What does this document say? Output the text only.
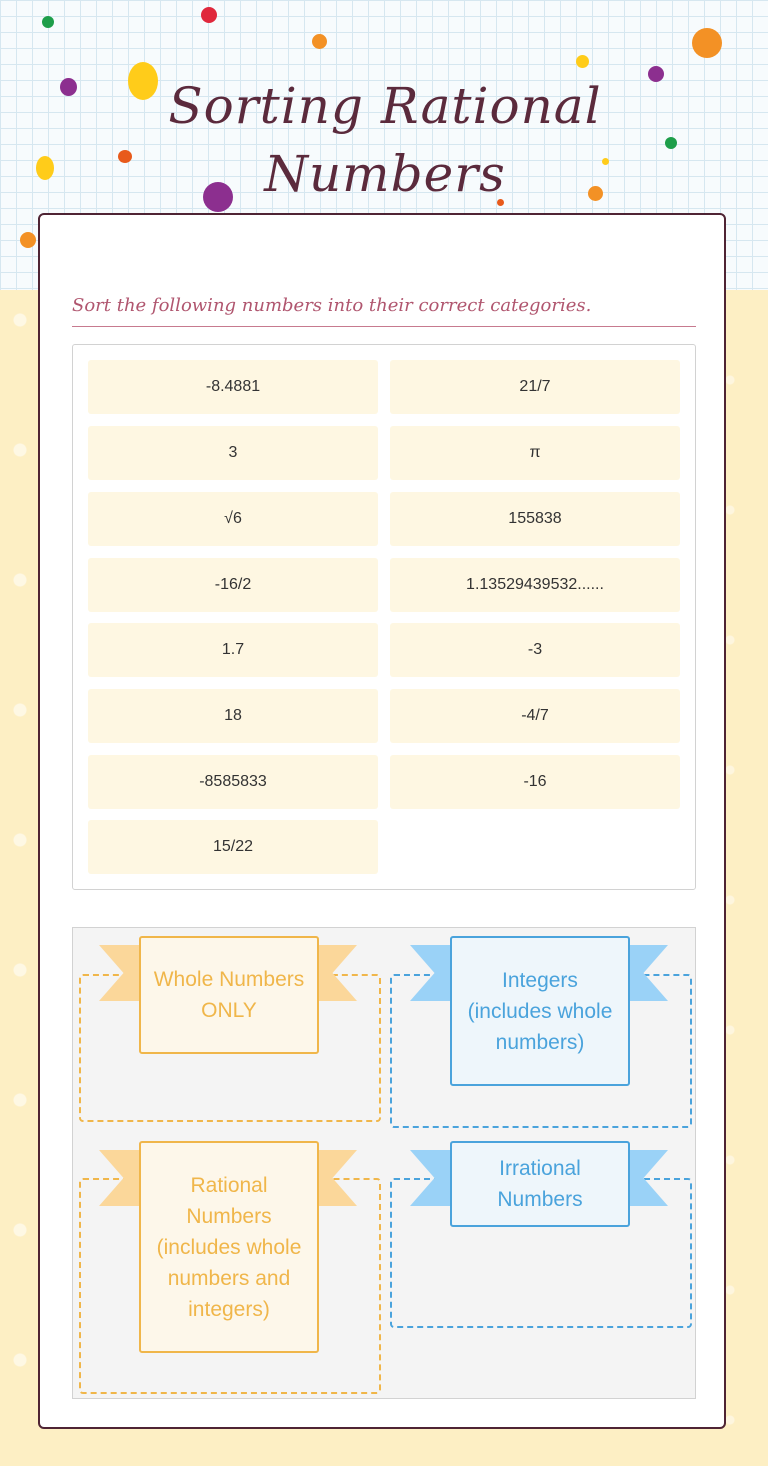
Sorting Rational Numbers
Sort the following numbers into their correct categories.
-8.4881	21/7
3	π
√6	155838
-16/2	1.13529439532......
1.7	-3
18	-4/7
-8585833	-16
15/22
Whole Numbers ONLY
Integers (includes whole numbers)
Rational Numbers (includes whole numbers and integers)
Irrational Numbers
